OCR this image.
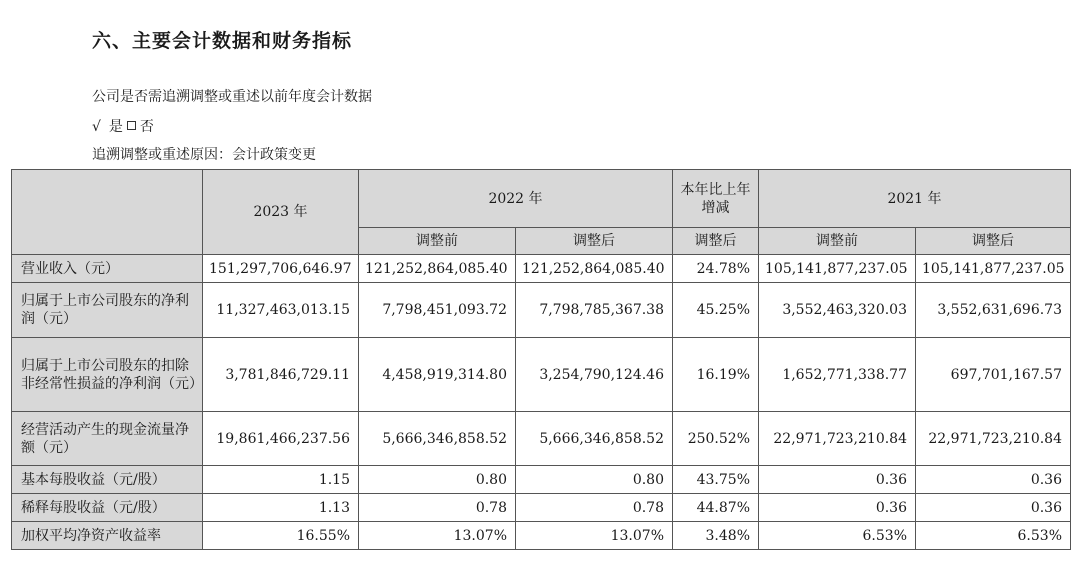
六、主要会计数据和财务指标
公司是否需追溯调整或重述以前年度会计数据
√ 是 否
追溯调整或重述原因：会计政策变更
	2023 年	2022 年		本年比上年增减	2021 年	
		调整前	调整后	调整后	调整前	调整后
营业收入（元）	151,297,706,646.97	121,252,864,085.40	121,252,864,085.40	24.78%	105,141,877,237.05	105,141,877,237.05
归属于上市公司股东的净利润（元）	11,327,463,013.15	7,798,451,093.72	7,798,785,367.38	45.25%	3,552,463,320.03	3,552,631,696.73
归属于上市公司股东的扣除非经常性损益的净利润（元）	3,781,846,729.11	4,458,919,314.80	3,254,790,124.46	16.19%	1,652,771,338.77	697,701,167.57
经营活动产生的现金流量净额（元）	19,861,466,237.56	5,666,346,858.52	5,666,346,858.52	250.52%	22,971,723,210.84	22,971,723,210.84
基本每股收益（元/股）	1.15	0.80	0.80	43.75%	0.36	0.36
稀释每股收益（元/股）	1.13	0.78	0.78	44.87%	0.36	0.36
加权平均净资产收益率	16.55%	13.07%	13.07%	3.48%	6.53%	6.53%
